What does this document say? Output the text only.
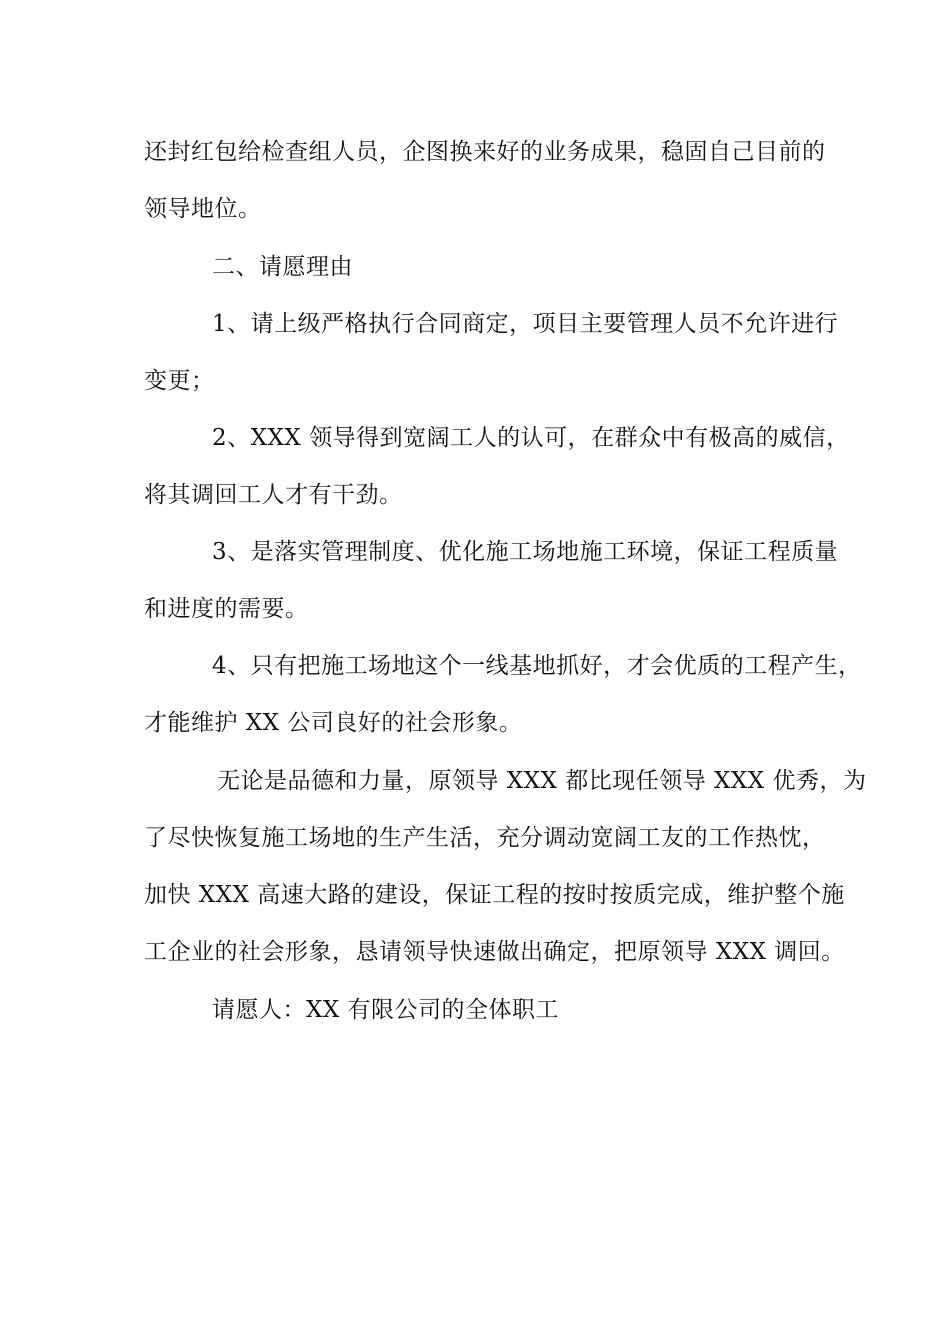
还封红包给检查组人员，企图换来好的业务成果，稳固自己目前的
领导地位。
二、请愿理由
1、请上级严格执行合同商定，项目主要管理人员不允许进行
变更；
2、XXX 领导得到宽阔工人的认可，在群众中有极高的威信，
将其调回工人才有干劲。
3、是落实管理制度、优化施工场地施工环境，保证工程质量
和进度的需要。
4、只有把施工场地这个一线基地抓好，才会优质的工程产生，
才能维护 XX 公司良好的社会形象。
无论是品德和力量，原领导 XXX 都比现任领导 XXX 优秀，为
了尽快恢复施工场地的生产生活，充分调动宽阔工友的工作热忱，
加快 XXX 高速大路的建设，保证工程的按时按质完成，维护整个施
工企业的社会形象，恳请领导快速做出确定，把原领导 XXX 调回。
请愿人：XX 有限公司的全体职工
